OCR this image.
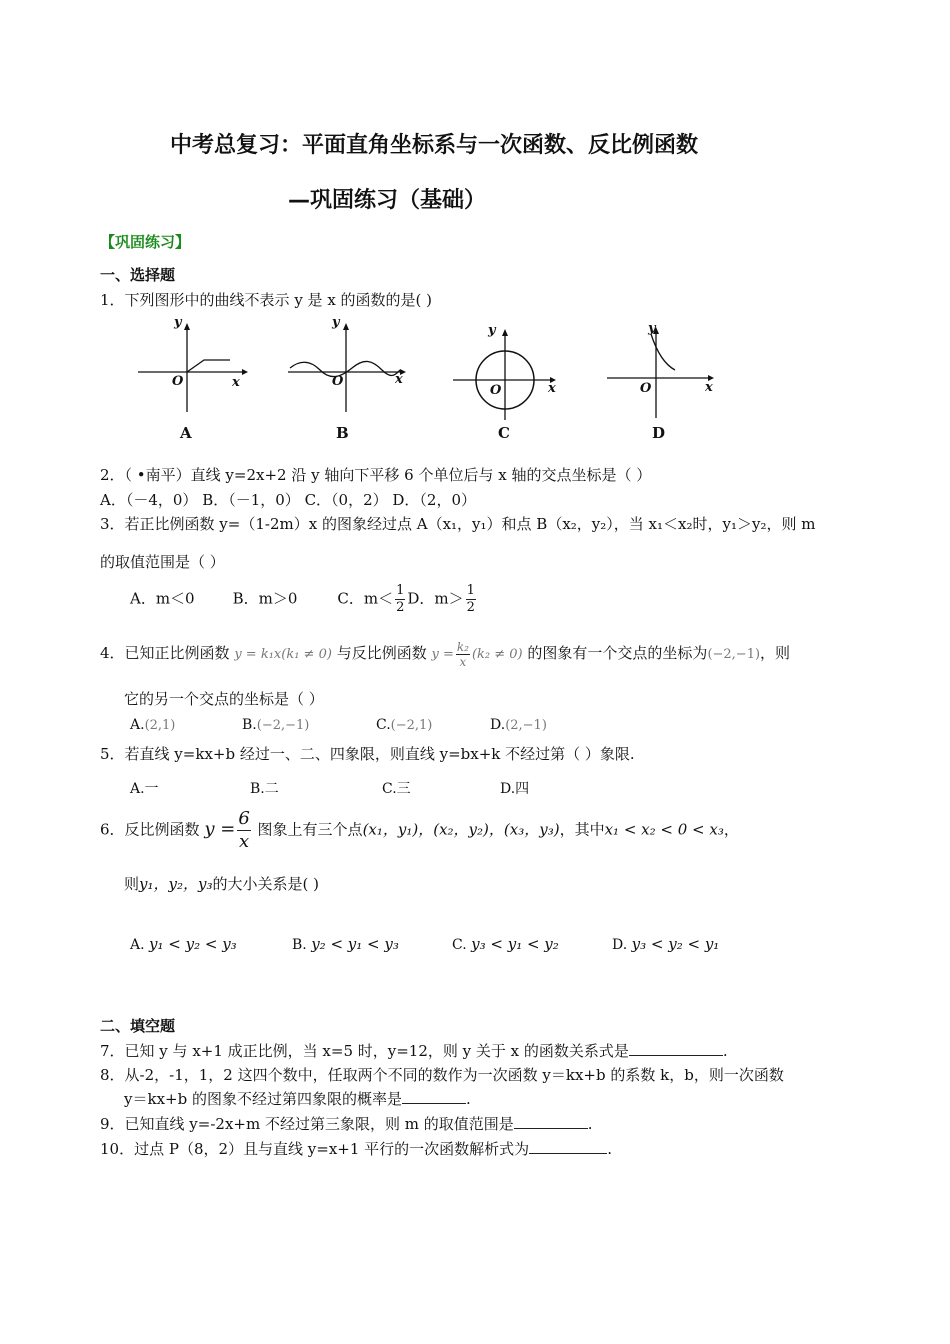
中考总复习：平面直角坐标系与一次函数、反比例函数
—巩固练习（基础）
【巩固练习】
一、选择题
1．下列图形中的曲线不表示 y 是 x 的函数的是( )
y
x
O
A
y
x
O
B
y
x
O
C
y
x
O
D
2．（ •南平）直线 y=2x+2 沿 y 轴向下平移 6 个单位后与 x 轴的交点坐标是（ ）
A．（－4，0） B．（－1，0） C．（0，2） D．（2，0）
3．若正比例函数 y=（1-2m）x 的图象经过点 A（x₁，y₁）和点 B（x₂，y₂），当 x₁＜x₂时，y₁＞y₂，则 m
的取值范围是（ ）
A．m＜0	B．m＞0	C．$m< \frac{1}{2}$ D．$m> \frac{1}{2}$
4．已知正比例函数 y = k₁x(k₁ ≠ 0) 与反比例函数 $y = \frac{\text{k₂}}{x} (k_2 \ne 0)$ 的图象有一个交点的坐标为(−2,−1)，则
它的另一个交点的坐标是（ ）
A.(2,1)	B.(−2,−1)	C.(−2,1)	D.(2,−1)
5．若直线 y=kx+b 经过一、二、四象限，则直线 y=bx+k 不经过第（ ）象限.
A.一	B.二	C.三	D.四
6．反比例函数 $y = \frac{6}{x}$ 图象上有三个点(x₁，y₁)，(x₂，y₂)，(x₃，y₃)，其中x₁ < x₂ < 0 < x₃，
则y₁，y₂，y₃的大小关系是( )
A. y₁ < y₂ < y₃	B. y₂ < y₁ < y₃	C. y₃ < y₁ < y₂	D. y₃ < y₂ < y₁
二、填空题
7．已知 y 与 x+1 成正比例，当 x=5 时，y=12，则 y 关于 x 的函数关系式是	.
8．从-2，-1，1，2 这四个数中，任取两个不同的数作为一次函数 y＝kx+b 的系数 k，b，则一次函数
y＝kx+b 的图象不经过第四象限的概率是	.
9．已知直线 y=-2x+m 不经过第三象限，则 m 的取值范围是	.
10．过点 P（8，2）且与直线 y=x+1 平行的一次函数解析式为	.
